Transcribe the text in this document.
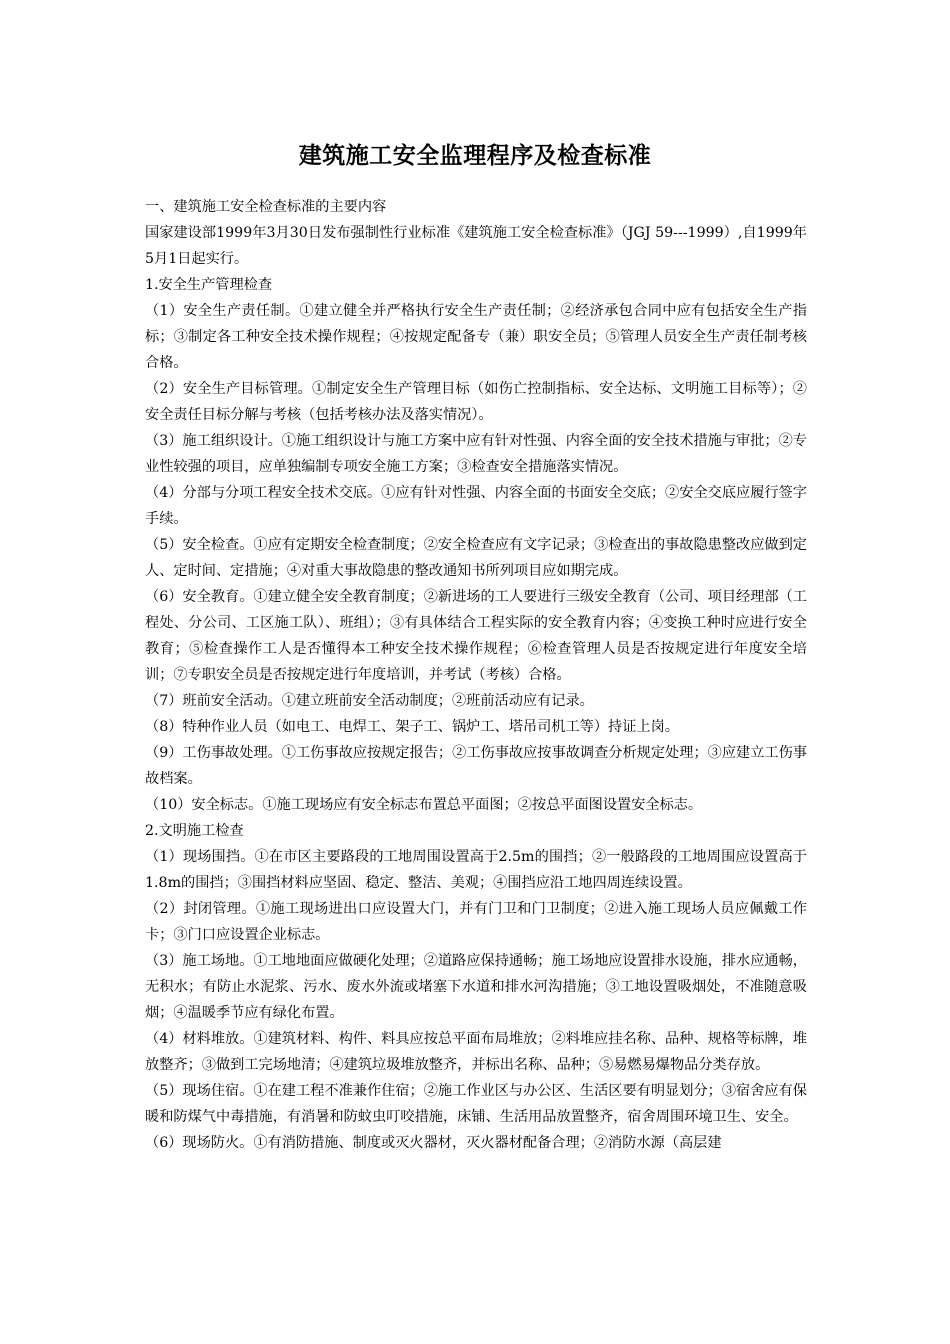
建筑施工安全监理程序及检查标准

一、建筑施工安全检查标准的主要内容

国家建设部1999年3月30日发布强制性行业标准《建筑施工安全检查标准》（JGJ 59---1999）,自1999年5月1日起实行。

1.安全生产管理检查

（1）安全生产责任制。①建立健全并严格执行安全生产责任制；②经济承包合同中应有包括安全生产指标；③制定各工种安全技术操作规程；④按规定配备专（兼）职安全员；⑤管理人员安全生产责任制考核合格。

（2）安全生产目标管理。①制定安全生产管理目标（如伤亡控制指标、安全达标、文明施工目标等）；②安全责任目标分解与考核（包括考核办法及落实情况）。

（3）施工组织设计。①施工组织设计与施工方案中应有针对性强、内容全面的安全技术措施与审批；②专业性较强的项目，应单独编制专项安全施工方案；③检查安全措施落实情况。

（4）分部与分项工程安全技术交底。①应有针对性强、内容全面的书面安全交底；②安全交底应履行签字手续。

（5）安全检查。①应有定期安全检查制度；②安全检查应有文字记录；③检查出的事故隐患整改应做到定人、定时间、定措施；④对重大事故隐患的整改通知书所列项目应如期完成。

（6）安全教育。①建立健全安全教育制度；②新进场的工人要进行三级安全教育（公司、项目经理部（工程处、分公司、工区施工队）、班组）；③有具体结合工程实际的安全教育内容；④变换工种时应进行安全教育；⑤检查操作工人是否懂得本工种安全技术操作规程；⑥检查管理人员是否按规定进行年度安全培训；⑦专职安全员是否按规定进行年度培训，并考试（考核）合格。

（7）班前安全活动。①建立班前安全活动制度；②班前活动应有记录。

（8）特种作业人员（如电工、电焊工、架子工、锅炉工、塔吊司机工等）持证上岗。

（9）工伤事故处理。①工伤事故应按规定报告；②工伤事故应按事故调查分析规定处理；③应建立工伤事故档案。

（10）安全标志。①施工现场应有安全标志布置总平面图；②按总平面图设置安全标志。

2.文明施工检查

（1）现场围挡。①在市区主要路段的工地周围设置高于2.5m的围挡；②一般路段的工地周围应设置高于1.8m的围挡；③围挡材料应坚固、稳定、整洁、美观；④围挡应沿工地四周连续设置。

（2）封闭管理。①施工现场进出口应设置大门，并有门卫和门卫制度；②进入施工现场人员应佩戴工作卡；③门口应设置企业标志。

（3）施工场地。①工地地面应做硬化处理；②道路应保持通畅；施工场地应设置排水设施，排水应通畅，无积水；有防止水泥浆、污水、废水外流或堵塞下水道和排水河沟措施；③工地设置吸烟处，不准随意吸烟；④温暖季节应有绿化布置。

（4）材料堆放。①建筑材料、构件、料具应按总平面布局堆放；②料堆应挂名称、品种、规格等标牌，堆放整齐；③做到工完场地清；④建筑垃圾堆放整齐，并标出名称、品种；⑤易燃易爆物品分类存放。

（5）现场住宿。①在建工程不准兼作住宿；②施工作业区与办公区、生活区要有明显划分；③宿舍应有保暖和防煤气中毒措施，有消暑和防蚊虫叮咬措施，床铺、生活用品放置整齐，宿舍周围环境卫生、安全。

（6）现场防火。①有消防措施、制度或灭火器材，灭火器材配备合理；②消防水源（高层建
